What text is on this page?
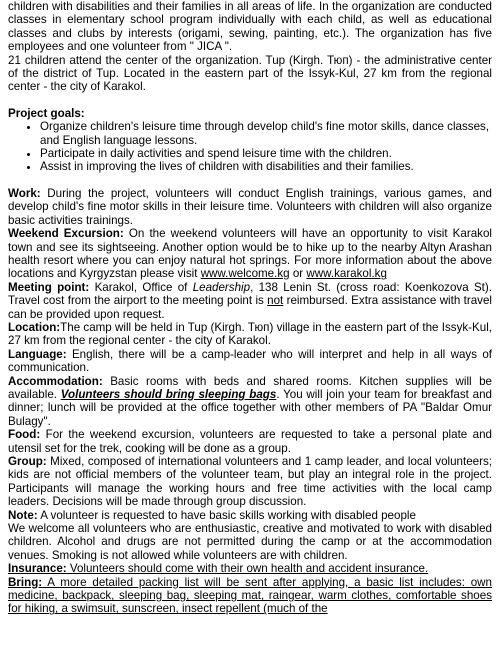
children with disabilities and their families in all areas of life. In the organization are conducted classes in elementary school program individually with each child, as well as educational classes and clubs by interests (origami, sewing, painting, etc.). The organization has five employees and one volunteer from " JICA ".

21 children attend the center of the organization. Tup (Kirgh. Тюп) - the administrative center of the district of Tup. Located in the eastern part of the Issyk-Kul, 27 km from the regional center - the city of Karakol.

Project goals:

• Organize children's leisure time through develop child's fine motor skills, dance classes, and English language lessons.
• Participate in daily activities and spend leisure time with the children.
• Assist in improving the lives of children with disabilities and their families.

Work: During the project, volunteers will conduct English trainings, various games, and develop child's fine motor skills in their leisure time. Volunteers with children will also organize basic activities trainings.

Weekend Excursion: On the weekend volunteers will have an opportunity to visit Karakol town and see its sightseeing. Another option would be to hike up to the nearby Altyn Arashan health resort where you can enjoy natural hot springs. For more information about the above locations and Kyrgyzstan please visit www.welcome.kg or www.karakol.kg

Meeting point: Karakol, Office of Leadership, 138 Lenin St. (cross road: Koenkozova St). Travel cost from the airport to the meeting point is not reimbursed. Extra assistance with travel can be provided upon request.

Location:The camp will be held in Tup (Kirgh. Тюп) village in the eastern part of the Issyk-Kul, 27 km from the regional center - the city of Karakol.

Language: English, there will be a camp-leader who will interpret and help in all ways of communication.

Accommodation: Basic rooms with beds and shared rooms. Kitchen supplies will be available. Volunteers should bring sleeping bags. You will join your team for breakfast and dinner; lunch will be provided at the office together with other members of PA "Baldar Omur Bulagy".

Food: For the weekend excursion, volunteers are requested to take a personal plate and utensil set for the trek, cooking will be done as a group.

Group: Mixed, composed of international volunteers and 1 camp leader, and local volunteers; kids are not official members of the volunteer team, but play an integral role in the project. Participants will manage the working hours and free time activities with the local camp leaders. Decisions will be made through group discussion.

Note: A volunteer is requested to have basic skills working with disabled people

We welcome all volunteers who are enthusiastic, creative and motivated to work with disabled children. Alcohol and drugs are not permitted during the camp or at the accommodation venues. Smoking is not allowed while volunteers are with children.

Insurance: Volunteers should come with their own health and accident insurance.

Bring: A more detailed packing list will be sent after applying, a basic list includes: own medicine, backpack, sleeping bag, sleeping mat, raingear, warm clothes, comfortable shoes for hiking, a swimsuit, sunscreen, insect repellent (much of the
